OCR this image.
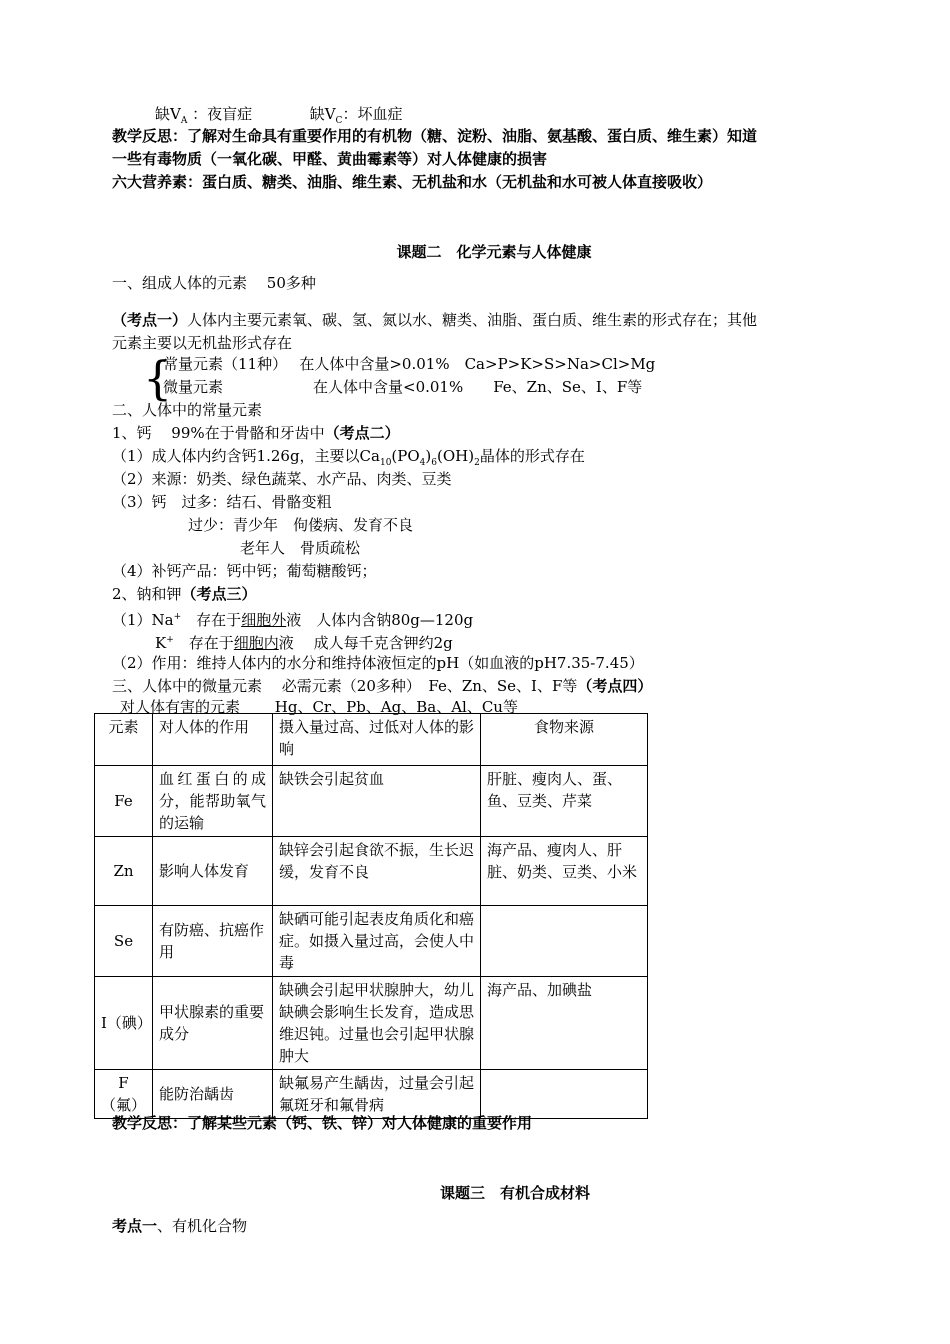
缺$V_A$ ：夜盲症	缺$V_C$：坏血症
教学反思：了解对生命具有重要作用的有机物（糖、淀粉、油脂、氨基酸、蛋白质、维生素）知道
一些有毒物质（一氧化碳、甲醛、黄曲霉素等）对人体健康的损害
六大营养素：蛋白质、糖类、油脂、维生素、无机盐和水（无机盐和水可被人体直接吸收）
课题二　化学元素与人体健康
一、组成人体的元素　 50多种
（考点一）人体内主要元素氧、碳、氢、氮以水、糖类、油脂、蛋白质、维生素的形式存在；其他
元素主要以无机盐形式存在
{
常量元素（11种）　 在人体中含量>0.01%　Ca>P>K>S>Na>Cl>Mg
微量元素　　　　　　在人体中含量<0.01%　　Fe、Zn、Se、I、F等
二、人体中的常量元素
1、钙　 99%在于骨骼和牙齿中（考点二）
（1）成人体内约含钙1.26g，主要以$Ca_{10}(PO_4)_6(OH)_2$晶体的形式存在
（2）来源：奶类、绿色蔬菜、水产品、肉类、豆类
（3）钙　过多：结石、骨骼变粗
过少：青少年　佝偻病、发育不良
老年人　骨质疏松
（4）补钙产品：钙中钙；葡萄糖酸钙；
2、钠和钾（考点三）
（1）Na+　存在于细胞外液　人体内含钠80g—120g
K+　存在于细胞内液　 成人每千克含钾约2g
（2）作用：维持人体内的水分和维持体液恒定的pH（如血液的pH7.35-7.45）
三、人体中的微量元素　 必需元素（20多种）　Fe、Zn、Se、I、F等（考点四）
对人体有害的元素　　 Hg、Cr、Pb、Ag、Ba、Al、Cu等
元素	对人体的作用	摄入量过高、过低对人体的影响	食物来源
Fe	血红蛋白的成分，能帮助氧气的运输	缺铁会引起贫血	肝脏、瘦肉人、蛋、鱼、豆类、芹菜
Zn	影响人体发育	缺锌会引起食欲不振，生长迟缓，发育不良	海产品、瘦肉人、肝脏、奶类、豆类、小米
Se	有防癌、抗癌作用	缺硒可能引起表皮角质化和癌症。如摄入量过高，会使人中毒	
I（碘）	甲状腺素的重要成分	缺碘会引起甲状腺肿大，幼儿缺碘会影响生长发育，造成思维迟钝。过量也会引起甲状腺肿大	海产品、加碘盐
F（氟）	能防治龋齿	缺氟易产生龋齿，过量会引起氟斑牙和氟骨病	
教学反思：了解某些元素（钙、铁、锌）对人体健康的重要作用
课题三　有机合成材料
考点一、有机化合物
